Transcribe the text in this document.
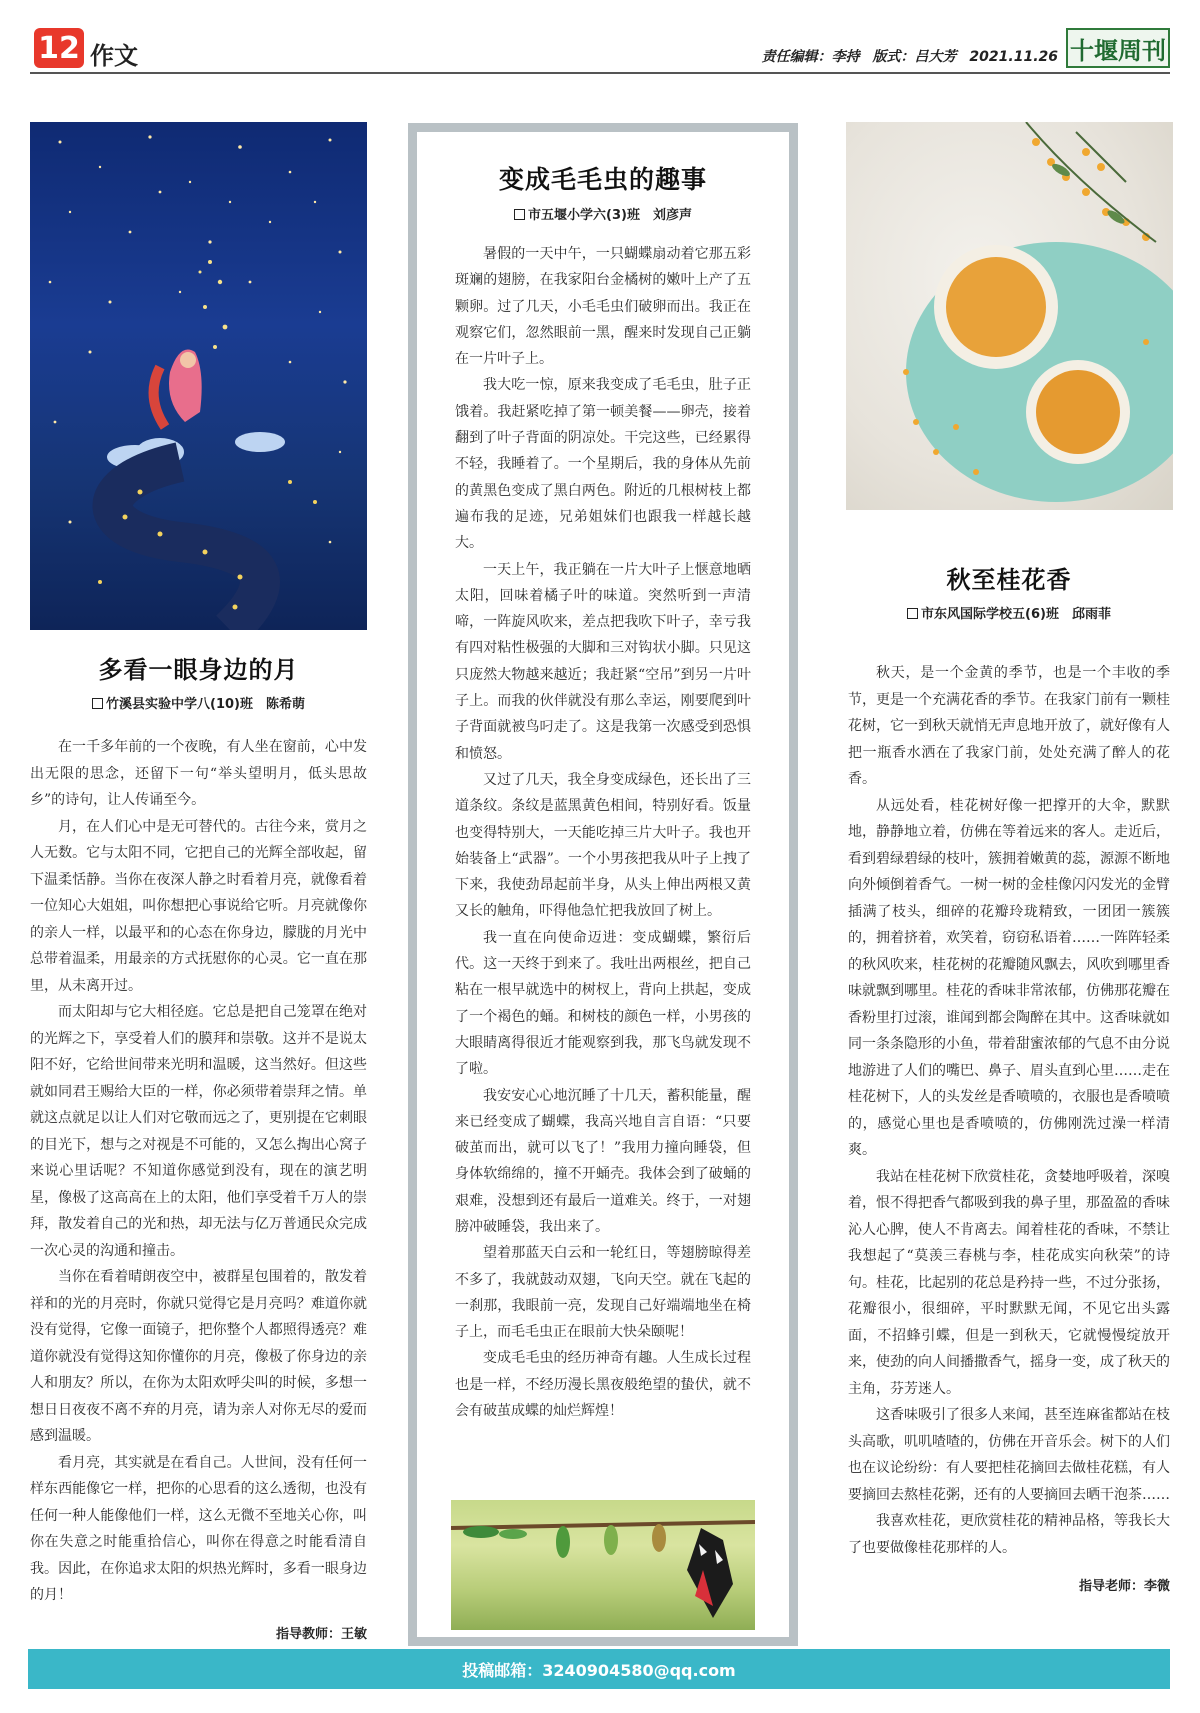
12 作文	责任编辑：李持 版式：吕大芳 2021.11.26 十堰周刊
多看一眼身边的月
竹溪县实验中学八(10)班　陈希萌

在一千多年前的一个夜晚，有人坐在窗前，心中发出无限的思念，还留下一句“举头望明月，低头思故乡”的诗句，让人传诵至今。

月，在人们心中是无可替代的。古往今来，赏月之人无数。它与太阳不同，它把自己的光辉全部收起，留下温柔恬静。当你在夜深人静之时看着月亮，就像看着一位知心大姐姐，叫你想把心事说给它听。月亮就像你的亲人一样，以最平和的心态在你身边，朦胧的月光中总带着温柔，用最亲的方式抚慰你的心灵。它一直在那里，从未离开过。

而太阳却与它大相径庭。它总是把自己笼罩在绝对的光辉之下，享受着人们的膜拜和崇敬。这并不是说太阳不好，它给世间带来光明和温暖，这当然好。但这些就如同君王赐给大臣的一样，你必须带着崇拜之情。单就这点就足以让人们对它敬而远之了，更别提在它刺眼的目光下，想与之对视是不可能的，又怎么掏出心窝子来说心里话呢？不知道你感觉到没有，现在的演艺明星，像极了这高高在上的太阳，他们享受着千万人的崇拜，散发着自己的光和热，却无法与亿万普通民众完成一次心灵的沟通和撞击。

当你在看着晴朗夜空中，被群星包围着的，散发着祥和的光的月亮时，你就只觉得它是月亮吗？难道你就没有觉得，它像一面镜子，把你整个人都照得透亮？难道你就没有觉得这知你懂你的月亮，像极了你身边的亲人和朋友？所以，在你为太阳欢呼尖叫的时候，多想一想日日夜夜不离不弃的月亮，请为亲人对你无尽的爱而感到温暖。

看月亮，其实就是在看自己。人世间，没有任何一样东西能像它一样，把你的心思看的这么透彻，也没有任何一种人能像他们一样，这么无微不至地关心你，叫你在失意之时能重拾信心，叫你在得意之时能看清自我。因此，在你追求太阳的炽热光辉时，多看一眼身边的月！

指导教师：王敏
变成毛毛虫的趣事
市五堰小学六(3)班　刘彦声

暑假的一天中午，一只蝴蝶扇动着它那五彩斑斓的翅膀，在我家阳台金橘树的嫩叶上产了五颗卵。过了几天，小毛毛虫们破卵而出。我正在观察它们，忽然眼前一黑，醒来时发现自己正躺在一片叶子上。

我大吃一惊，原来我变成了毛毛虫，肚子正饿着。我赶紧吃掉了第一顿美餐——卵壳，接着翻到了叶子背面的阴凉处。干完这些，已经累得不轻，我睡着了。一个星期后，我的身体从先前的黄黑色变成了黑白两色。附近的几根树枝上都遍布我的足迹，兄弟姐妹们也跟我一样越长越大。

一天上午，我正躺在一片大叶子上惬意地晒太阳，回味着橘子叶的味道。突然听到一声清啼，一阵旋风吹来，差点把我吹下叶子，幸亏我有四对粘性极强的大脚和三对钩状小脚。只见这只庞然大物越来越近；我赶紧“空吊”到另一片叶子上。而我的伙伴就没有那么幸运，刚要爬到叶子背面就被鸟叼走了。这是我第一次感受到恐惧和愤怒。

又过了几天，我全身变成绿色，还长出了三道条纹。条纹是蓝黑黄色相间，特别好看。饭量也变得特别大，一天能吃掉三片大叶子。我也开始装备上“武器”。一个小男孩把我从叶子上拽了下来，我使劲昂起前半身，从头上伸出两根又黄又长的触角，吓得他急忙把我放回了树上。

我一直在向使命迈进：变成蝴蝶，繁衍后代。这一天终于到来了。我吐出两根丝，把自己粘在一根早就选中的树杈上，背向上拱起，变成了一个褐色的蛹。和树枝的颜色一样，小男孩的大眼睛离得很近才能观察到我，那飞鸟就发现不了啦。

我安安心心地沉睡了十几天，蓄积能量，醒来已经变成了蝴蝶，我高兴地自言自语：“只要破茧而出，就可以飞了！”我用力撞向睡袋，但身体软绵绵的，撞不开蛹壳。我体会到了破蛹的艰难，没想到还有最后一道难关。终于，一对翅膀冲破睡袋，我出来了。

望着那蓝天白云和一轮红日，等翅膀晾得差不多了，我就鼓动双翅，飞向天空。就在飞起的一刹那，我眼前一亮，发现自己好端端地坐在椅子上，而毛毛虫正在眼前大快朵颐呢！

变成毛毛虫的经历神奇有趣。人生成长过程也是一样，不经历漫长黑夜般绝望的蛰伏，就不会有破茧成蝶的灿烂辉煌！

秋至桂花香
市东风国际学校五(6)班　邱雨菲

秋天，是一个金黄的季节，也是一个丰收的季节，更是一个充满花香的季节。在我家门前有一颗桂花树，它一到秋天就悄无声息地开放了，就好像有人把一瓶香水洒在了我家门前，处处充满了醉人的花香。

从远处看，桂花树好像一把撑开的大伞，默默地，静静地立着，仿佛在等着远来的客人。走近后，看到碧绿碧绿的枝叶，簇拥着嫩黄的蕊，源源不断地向外倾倒着香气。一树一树的金桂像闪闪发光的金臂插满了枝头，细碎的花瓣玲珑精致，一团团一簇簇的，拥着挤着，欢笑着，窃窃私语着……一阵阵轻柔的秋风吹来，桂花树的花瓣随风飘去，风吹到哪里香味就飘到哪里。桂花的香味非常浓郁，仿佛那花瓣在香粉里打过滚，谁闻到都会陶醉在其中。这香味就如同一条条隐形的小鱼，带着甜蜜浓郁的气息不由分说地游进了人们的嘴巴、鼻子、眉头直到心里……走在桂花树下，人的头发丝是香喷喷的，衣服也是香喷喷的，感觉心里也是香喷喷的，仿佛刚洗过澡一样清爽。

我站在桂花树下欣赏桂花，贪婪地呼吸着，深嗅着，恨不得把香气都吸到我的鼻子里，那盈盈的香味沁人心脾，使人不肯离去。闻着桂花的香味，不禁让我想起了“莫羡三春桃与李，桂花成实向秋荣”的诗句。桂花，比起别的花总是矜持一些，不过分张扬，花瓣很小，很细碎，平时默默无闻，不见它出头露面，不招蜂引蝶，但是一到秋天，它就慢慢绽放开来，使劲的向人间播撒香气，摇身一变，成了秋天的主角，芬芳迷人。

这香味吸引了很多人来闻，甚至连麻雀都站在枝头高歌，叽叽喳喳的，仿佛在开音乐会。树下的人们也在议论纷纷：有人要把桂花摘回去做桂花糕，有人要摘回去熬桂花粥，还有的人要摘回去晒干泡茶……

我喜欢桂花，更欣赏桂花的精神品格，等我长大了也要做像桂花那样的人。

指导老师：李微
投稿邮箱：3240904580@qq.com
